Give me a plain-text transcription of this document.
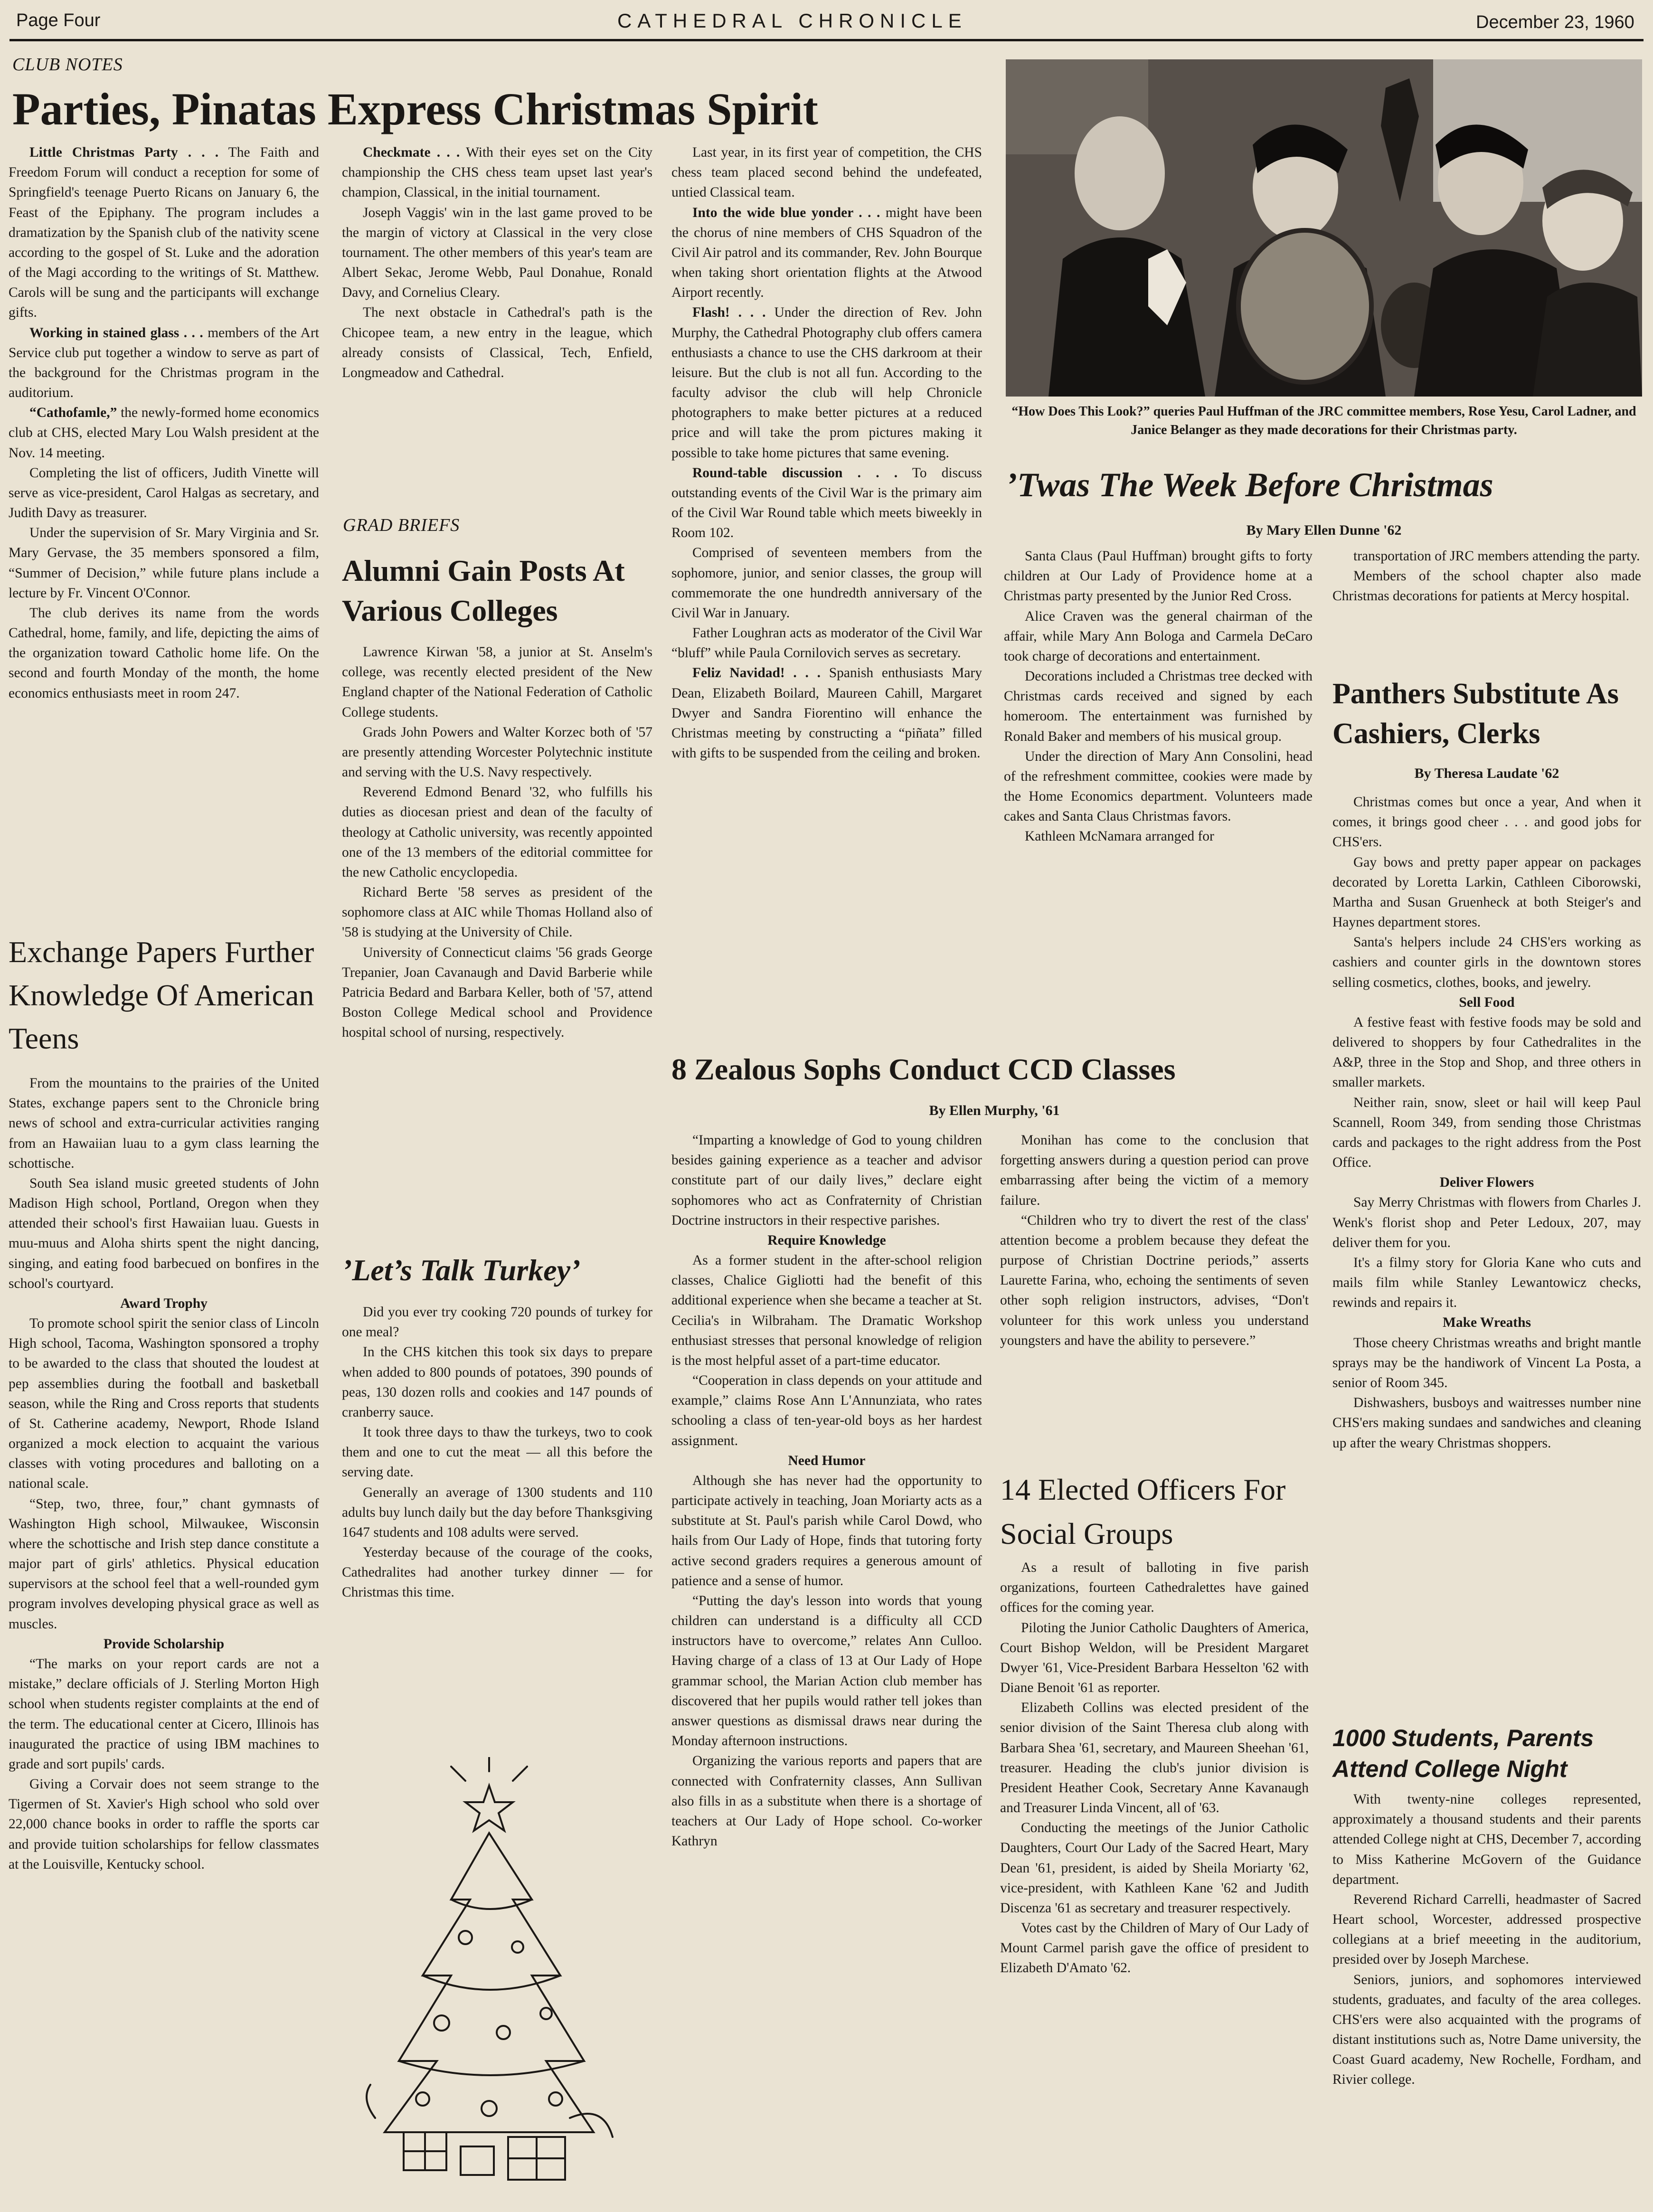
Page Four	CATHEDRAL CHRONICLE	December 23, 1960
CLUB NOTES
Parties, Pinatas Express Christmas Spirit

Little Christmas Party . . . The Faith and Freedom Forum will conduct a reception for some of Springfield's teenage Puerto Ricans on January 6, the Feast of the Epiphany. The program includes a dramatization by the Spanish club of the nativity scene according to the gospel of St. Luke and the adoration of the Magi according to the writings of St. Matthew. Carols will be sung and the participants will exchange gifts.

Working in stained glass . . . members of the Art Service club put together a window to serve as part of the background for the Christmas program in the auditorium.

“Cathofamle,” the newly-formed home economics club at CHS, elected Mary Lou Walsh president at the Nov. 14 meeting.

Completing the list of officers, Judith Vinette will serve as vice-president, Carol Halgas as secretary, and Judith Davy as treasurer.

Under the supervision of Sr. Mary Virginia and Sr. Mary Gervase, the 35 members sponsored a film, “Summer of Decision,” while future plans include a lecture by Fr. Vincent O'Connor.

The club derives its name from the words Cathedral, home, family, and life, depicting the aims of the organization toward Catholic home life. On the second and fourth Monday of the month, the home economics enthusiasts meet in room 247.

Checkmate . . . With their eyes set on the City championship the CHS chess team upset last year's champion, Classical, in the initial tournament.

Joseph Vaggis' win in the last game proved to be the margin of victory at Classical in the very close tournament. The other members of this year's team are Albert Sekac, Jerome Webb, Paul Donahue, Ronald Davy, and Cornelius Cleary.

The next obstacle in Cathedral's path is the Chicopee team, a new entry in the league, which already consists of Classical, Tech, Enfield, Longmeadow and Cathedral.

Last year, in its first year of competition, the CHS chess team placed second behind the undefeated, untied Classical team.

Into the wide blue yonder . . . might have been the chorus of nine members of CHS Squadron of the Civil Air patrol and its commander, Rev. John Bourque when taking short orientation flights at the Atwood Airport recently.

Flash! . . . Under the direction of Rev. John Murphy, the Cathedral Photography club offers camera enthusiasts a chance to use the CHS darkroom at their leisure. But the club is not all fun. According to the faculty advisor the club will help Chronicle photographers to make better pictures at a reduced price and will take the prom pictures making it possible to take home pictures that same evening.

Round-table discussion . . . To discuss outstanding events of the Civil War is the primary aim of the Civil War Round table which meets biweekly in Room 102.

Comprised of seventeen members from the sophomore, junior, and senior classes, the group will commemorate the one hundredth anniversary of the Civil War in January.

Father Loughran acts as moderator of the Civil War “bluff” while Paula Cornilovich serves as secretary.

Feliz Navidad! . . . Spanish enthusiasts Mary Dean, Elizabeth Boilard, Maureen Cahill, Margaret Dwyer and Sandra Fiorentino will enhance the Christmas meeting by constructing a “piñata” filled with gifts to be suspended from the ceiling and broken.

“How Does This Look?” queries Paul Huffman of the JRC committee members, Rose Yesu, Carol Ladner, and Janice Belanger as they made decorations for their Christmas party.
’Twas The Week Before Christmas
By Mary Ellen Dunne '62

Santa Claus (Paul Huffman) brought gifts to forty children at Our Lady of Providence home at a Christmas party presented by the Junior Red Cross.

Alice Craven was the general chairman of the affair, while Mary Ann Bologa and Carmela DeCaro took charge of decorations and entertainment.

Decorations included a Christmas tree decked with Christmas cards received and signed by each homeroom. The entertainment was furnished by Ronald Baker and members of his musical group.

Under the direction of Mary Ann Consolini, head of the refreshment committee, cookies were made by the Home Economics department. Volunteers made cakes and Santa Claus Christmas favors.

Kathleen McNamara arranged for

transportation of JRC members attending the party.

Members of the school chapter also made Christmas decorations for patients at Mercy hospital.

Panthers Substitute As Cashiers, Clerks
By Theresa Laudate '62

Christmas comes but once a year, And when it comes, it brings good cheer . . . and good jobs for CHS'ers.

Gay bows and pretty paper appear on packages decorated by Loretta Larkin, Cathleen Ciborowski, Martha and Susan Gruenheck at both Steiger's and Haynes department stores.

Santa's helpers include 24 CHS'ers working as cashiers and counter girls in the downtown stores selling cosmetics, clothes, books, and jewelry.

Sell Food

A festive feast with festive foods may be sold and delivered to shoppers by four Cathedralites in the A&P, three in the Stop and Shop, and three others in smaller markets.

Neither rain, snow, sleet or hail will keep Paul Scannell, Room 349, from sending those Christmas cards and packages to the right address from the Post Office.

Deliver Flowers

Say Merry Christmas with flowers from Charles J. Wenk's florist shop and Peter Ledoux, 207, may deliver them for you.

It's a filmy story for Gloria Kane who cuts and mails film while Stanley Lewantowicz checks, rewinds and repairs it.

Make Wreaths

Those cheery Christmas wreaths and bright mantle sprays may be the handiwork of Vincent La Posta, a senior of Room 345.

Dishwashers, busboys and waitresses number nine CHS'ers making sundaes and sandwiches and cleaning up after the weary Christmas shoppers.

1000 Students, Parents Attend College Night

With twenty-nine colleges represented, approximately a thousand students and their parents attended College night at CHS, December 7, according to Miss Katherine McGovern of the Guidance department.

Reverend Richard Carrelli, headmaster of Sacred Heart school, Worcester, addressed prospective collegians at a brief meeeting in the auditorium, presided over by Joseph Marchese.

Seniors, juniors, and sophomores interviewed students, graduates, and faculty of the area colleges. CHS'ers were also acquainted with the programs of distant institutions such as, Notre Dame university, the Coast Guard academy, New Rochelle, Fordham, and Rivier college.

Exchange Papers Further Knowledge Of American Teens

From the mountains to the prairies of the United States, exchange papers sent to the Chronicle bring news of school and extra-curricular activities ranging from an Hawaiian luau to a gym class learning the schottische.

South Sea island music greeted students of John Madison High school, Portland, Oregon when they attended their school's first Hawaiian luau. Guests in muu-muus and Aloha shirts spent the night dancing, singing, and eating food barbecued on bonfires in the school's courtyard.

Award Trophy

To promote school spirit the senior class of Lincoln High school, Tacoma, Washington sponsored a trophy to be awarded to the class that shouted the loudest at pep assemblies during the football and basketball season, while the Ring and Cross reports that students of St. Catherine academy, Newport, Rhode Island organized a mock election to acquaint the various classes with voting procedures and balloting on a national scale.

“Step, two, three, four,” chant gymnasts of Washington High school, Milwaukee, Wisconsin where the schottische and Irish step dance constitute a major part of girls' athletics. Physical education supervisors at the school feel that a well-rounded gym program involves developing physical grace as well as muscles.

Provide Scholarship

“The marks on your report cards are not a mistake,” declare officials of J. Sterling Morton High school when students register complaints at the end of the term. The educational center at Cicero, Illinois has inaugurated the practice of using IBM machines to grade and sort pupils' cards.

Giving a Corvair does not seem strange to the Tigermen of St. Xavier's High school who sold over 22,000 chance books in order to raffle the sports car and provide tuition scholarships for fellow classmates at the Louisville, Kentucky school.

GRAD BRIEFS
Alumni Gain Posts At Various Colleges

Lawrence Kirwan '58, a junior at St. Anselm's college, was recently elected president of the New England chapter of the National Federation of Catholic College students.

Grads John Powers and Walter Korzec both of '57 are presently attending Worcester Polytechnic institute and serving with the U.S. Navy respectively.

Reverend Edmond Benard '32, who fulfills his duties as diocesan priest and dean of the faculty of theology at Catholic university, was recently appointed one of the 13 members of the editorial committee for the new Catholic encyclopedia.

Richard Berte '58 serves as president of the sophomore class at AIC while Thomas Holland also of '58 is studying at the University of Chile.

University of Connecticut claims '56 grads George Trepanier, Joan Cavanaugh and David Barberie while Patricia Bedard and Barbara Keller, both of '57, attend Boston College Medical school and Providence hospital school of nursing, respectively.

’Let’s Talk Turkey’

Did you ever try cooking 720 pounds of turkey for one meal?

In the CHS kitchen this took six days to prepare when added to 800 pounds of potatoes, 390 pounds of peas, 130 dozen rolls and cookies and 147 pounds of cranberry sauce.

It took three days to thaw the turkeys, two to cook them and one to cut the meat — all this before the serving date.

Generally an average of 1300 students and 110 adults buy lunch daily but the day before Thanksgiving 1647 students and 108 adults were served.

Yesterday because of the courage of the cooks, Cathedralites had another turkey dinner — for Christmas this time.

8 Zealous Sophs Conduct CCD Classes
By Ellen Murphy, '61

“Imparting a knowledge of God to young children besides gaining experience as a teacher and advisor constitute part of our daily lives,” declare eight sophomores who act as Confraternity of Christian Doctrine instructors in their respective parishes.

Require Knowledge

As a former student in the after-school religion classes, Chalice Gigliotti had the benefit of this additional experience when she became a teacher at St. Cecilia's in Wilbraham. The Dramatic Workshop enthusiast stresses that personal knowledge of religion is the most helpful asset of a part-time educator.

“Cooperation in class depends on your attitude and example,” claims Rose Ann L'Annunziata, who rates schooling a class of ten-year-old boys as her hardest assignment.

Need Humor

Although she has never had the opportunity to participate actively in teaching, Joan Moriarty acts as a substitute at St. Paul's parish while Carol Dowd, who hails from Our Lady of Hope, finds that tutoring forty active second graders requires a generous amount of patience and a sense of humor.

“Putting the day's lesson into words that young children can understand is a difficulty all CCD instructors have to overcome,” relates Ann Culloo. Having charge of a class of 13 at Our Lady of Hope grammar school, the Marian Action club member has discovered that her pupils would rather tell jokes than answer questions as dismissal draws near during the Monday afternoon instructions.

Organizing the various reports and papers that are connected with Confraternity classes, Ann Sullivan also fills in as a substitute when there is a shortage of teachers at Our Lady of Hope school. Co-worker Kathryn

Monihan has come to the conclusion that forgetting answers during a question period can prove embarrassing after being the victim of a memory failure.

“Children who try to divert the rest of the class' attention become a problem because they defeat the purpose of Christian Doctrine periods,” asserts Laurette Farina, who, echoing the sentiments of seven other soph religion instructors, advises, “Don't volunteer for this work unless you understand youngsters and have the ability to persevere.”

14 Elected Officers For Social Groups

As a result of balloting in five parish organizations, fourteen Cathedralettes have gained offices for the coming year.

Piloting the Junior Catholic Daughters of America, Court Bishop Weldon, will be President Margaret Dwyer '61, Vice-President Barbara Hesselton '62 with Diane Benoit '61 as reporter.

Elizabeth Collins was elected president of the senior division of the Saint Theresa club along with Barbara Shea '61, secretary, and Maureen Sheehan '61, treasurer. Heading the club's junior division is President Heather Cook, Secretary Anne Kavanaugh and Treasurer Linda Vincent, all of '63.

Conducting the meetings of the Junior Catholic Daughters, Court Our Lady of the Sacred Heart, Mary Dean '61, president, is aided by Sheila Moriarty '62, vice-president, with Kathleen Kane '62 and Judith Discenza '61 as secretary and treasurer respectively.

Votes cast by the Children of Mary of Our Lady of Mount Carmel parish gave the office of president to Elizabeth D'Amato '62.
